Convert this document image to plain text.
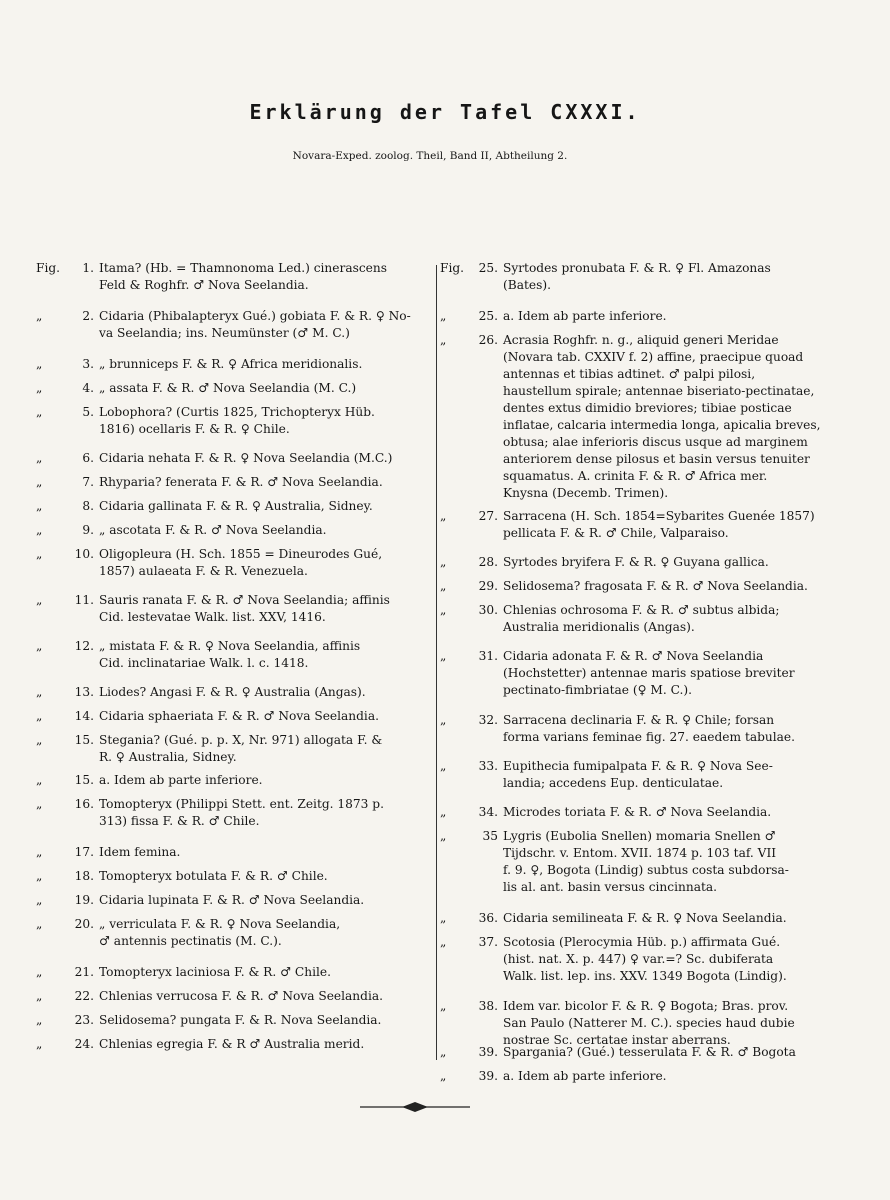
Erklärung der Tafel CXXXI.
Novara-Exped. zoolog. Theil, Band II, Abtheilung 2.
Fig.	1. Itama? (Hb. = Thamnonoma Led.) cinerascens
Feld & Roghfr. ♂ Nova Seelandia.
„	2. Cidaria (Phibalapteryx Gué.) gobiata F. & R. ♀ No-
va Seelandia; ins. Neumünster (♂ M. C.)
„	3. „ brunniceps F. & R. ♀ Africa meridionalis.
„	4. „ assata F. & R. ♂ Nova Seelandia (M. C.)
„	5. Lobophora? (Curtis 1825, Trichopteryx Hüb.
1816) ocellaris F. & R. ♀ Chile.
„	6. Cidaria nehata F. & R. ♀ Nova Seelandia (M.C.)
„	7. Rhyparia? fenerata F. & R. ♂ Nova Seelandia.
„	8. Cidaria gallinata F. & R. ♀ Australia, Sidney.
„	9. „ ascotata F. & R. ♂ Nova Seelandia.
„	10. Oligopleura (H. Sch. 1855 = Dineurodes Gué,
1857) aulaeata F. & R. Venezuela.
„	11. Sauris ranata F. & R. ♂ Nova Seelandia; affinis
Cid. lestevatae Walk. list. XXV, 1416.
„	12. „ mistata F. & R. ♀ Nova Seelandia, affinis
Cid. inclinatariae Walk. l. c. 1418.
„	13. Liodes? Angasi F. & R. ♀ Australia (Angas).
„	14. Cidaria sphaeriata F. & R. ♂ Nova Seelandia.
„	15. Stegania? (Gué. p. p. X, Nr. 971) allogata F. &
R. ♀ Australia, Sidney.
„	15. a. Idem ab parte inferiore.
„	16. Tomopteryx (Philippi Stett. ent. Zeitg. 1873 p.
313) fissa F. & R. ♂ Chile.
„	17. Idem femina.
„	18. Tomopteryx botulata F. & R. ♂ Chile.
„	19. Cidaria lupinata F. & R. ♂ Nova Seelandia.
„	20. „ verriculata F. & R. ♀ Nova Seelandia,
♂ antennis pectinatis (M. C.).
„	21. Tomopteryx laciniosa F. & R. ♂ Chile.
„	22. Chlenias verrucosa F. & R. ♂ Nova Seelandia.
„	23. Selidosema? pungata F. & R. Nova Seelandia.
„	24. Chlenias egregia F. & R ♂ Australia merid.
Fig.	25. Syrtodes pronubata F. & R. ♀ Fl. Amazonas
(Bates).
„	25. a. Idem ab parte inferiore.
„	26. Acrasia Roghfr. n. g., aliquid generi Meridae
(Novara tab. CXXIV f. 2) affine, praecipue quoad
antennas et tibias adtinet. ♂ palpi pilosi,
haustellum spirale; antennae biseriato-pectinatae,
dentes extus dimidio breviores; tibiae posticae
inflatae, calcaria intermedia longa, apicalia breves,
obtusa; alae inferioris discus usque ad marginem
anteriorem dense pilosus et basin versus tenuiter
squamatus. A. crinita F. & R. ♂ Africa mer.
Knysna (Decemb. Trimen).
„	27. Sarracena (H. Sch. 1854=Sybarites Guenée 1857)
pellicata F. & R. ♂ Chile, Valparaiso.
„	28. Syrtodes bryifera F. & R. ♀ Guyana gallica.
„	29. Selidosema? fragosata F. & R. ♂ Nova Seelandia.
„	30. Chlenias ochrosoma F. & R. ♂ subtus albida;
Australia meridionalis (Angas).
„	31. Cidaria adonata F. & R. ♂ Nova Seelandia
(Hochstetter) antennae maris spatiose breviter
pectinato-fimbriatae (♀ M. C.).
„	32. Sarracena declinaria F. & R. ♀ Chile; forsan
forma varians feminae fig. 27. eaedem tabulae.
„	33. Eupithecia fumipalpata F. & R. ♀ Nova See-
landia; accedens Eup. denticulatae.
„	34. Microdes toriata F. & R. ♂ Nova Seelandia.
„	35 Lygris (Eubolia Snellen) momaria Snellen ♂
Tijdschr. v. Entom. XVII. 1874 p. 103 taf. VII
f. 9. ♀, Bogota (Lindig) subtus costa subdorsa-
lis al. ant. basin versus cincinnata.
„	36. Cidaria semilineata F. & R. ♀ Nova Seelandia.
„	37. Scotosia (Plerocymia Hüb. p.) affirmata Gué.
(hist. nat. X. p. 447) ♀ var.=? Sc. dubiferata
Walk. list. lep. ins. XXV. 1349 Bogota (Lindig).
„	38. Idem var. bicolor F. & R. ♀ Bogota; Bras. prov.
San Paulo (Natterer M. C.). species haud dubie
nostrae Sc. certatae instar aberrans.
„	39. Sparganiа? (Gué.) tesserulata F. & R. ♂ Bogota
„	39. a. Idem ab parte inferiore.
